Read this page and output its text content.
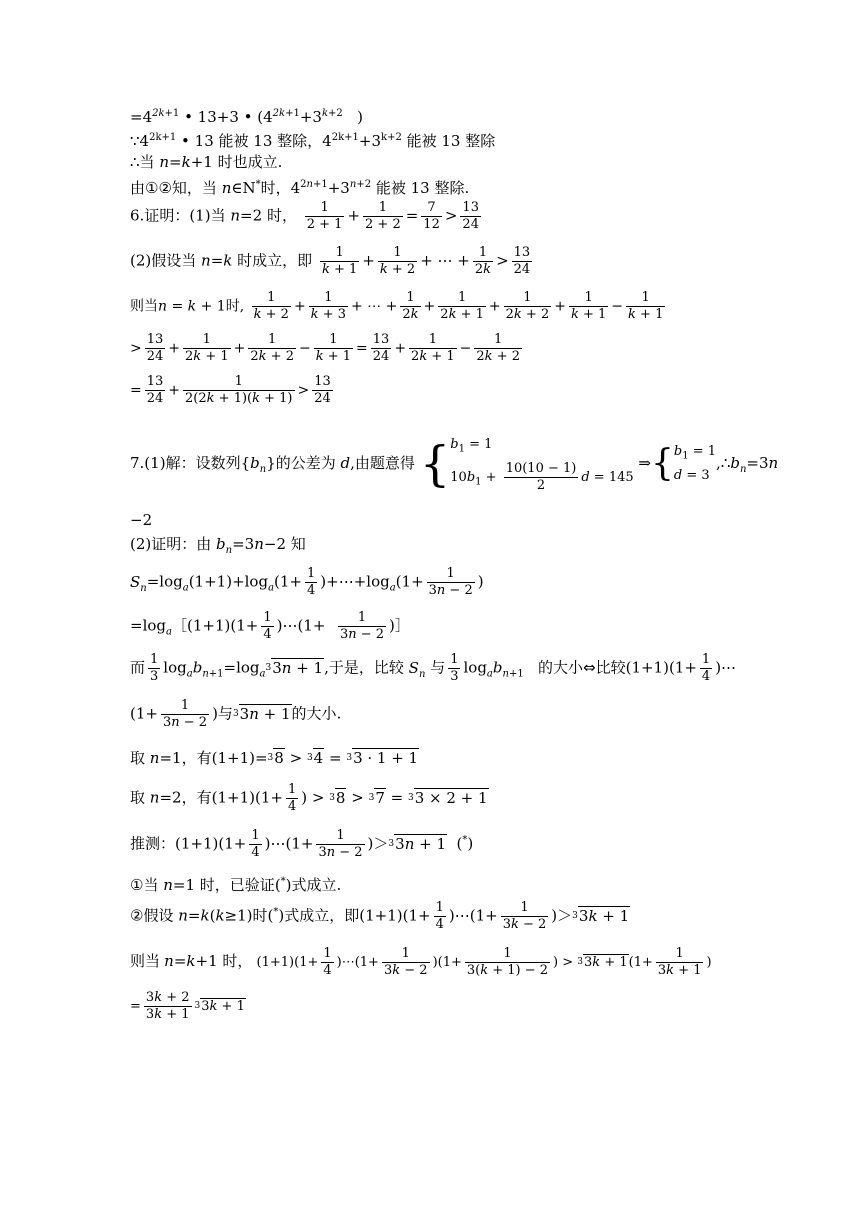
$=4^{2k+1}$ • 13+3 • ($4^{2k+1}+3^{k+2}$   )
$\because 4^{2k+1}$ • 13 能被 13 整除，$4^{2k+1}+3^{k+2}$ 能被 13 整除
∴当 n=k+1 时也成立.
由①②知，当 n∈N*时，$4^{2n+1}+3^{n+2}$ 能被 13 整除.
6.证明：(1)当 n=2 时， $\frac{1}{2 + 1} + \frac{1}{2 + 2} = \frac{7}{12} > \frac{13}{24}$
(2)假设当 n=k 时成立，即 $\frac{1}{k + 1} + \frac{1}{k + 2}$ + ⋯ + $\frac{1}{2k} > \frac{13}{24}$
则当n = k + 1时, $\frac{1}{k + 2} + \frac{1}{k + 3}$ + ⋯ + $\frac{1}{2k} + \frac{1}{2k + 1} + \frac{1}{2k + 2} + \frac{1}{k + 1} - \frac{1}{k + 1}$
> $\frac{13}{24} + \frac{1}{2k + 1} + \frac{1}{2k + 2} - \frac{1}{k + 1} = \frac{13}{24} + \frac{1}{2k + 1} - \frac{1}{2k + 2}$
= $\frac{13}{24} + \frac{1}{2(2k + 1)(k + 1)} > \frac{13}{24}$
7.(1)解：设数列$\{b_n\}$的公差为 d,由题意得 { $b_1 = 1$
$10b_1 + \frac{10(10 - 1)}{2}$ d = 145
⇒{ $b_1 = 1$
d = 3
$,\therefore b_n=3n$
−2
(2)证明：由 $b_n=3n-2$ 知
$S_n=\log_a(1+1)+\log_a(1+ \frac{1}{4}$ )$+\cdots+\log_a(1+ \frac{1}{3n - 2}$ )
$=\log_a[(1+1)(1+ \frac{1}{4}$ )⋯(1+ $\frac{1}{3n - 2}$ )］
而 $\frac{1}{3} \log_ab_{n+1}=\log_a^33n + 1$,于是，比较 $S_n$ 与 $\frac{1}{3} \log_ab_{n+1}$ 的大小⇔比较$(1+1)(1+ \frac{1}{4}$ )⋯
($1+ \frac{1}{3n - 2}$ )与$^3$3n + 1的大小.
取 n=1，有(1+1)=$^3$8 > $^3$4 = $^3$3 · 1 + 1
取 n=2，有$(1+1)(1+ \frac{1}{4}$ ) > $^3$8 > $^3$7 = $^3$3 × 2 + 1
推测：$(1+1)(1+ \frac{1}{4}$ )⋯(1+ $\frac{1}{3n - 2} )>^33n + 1$  (*)
①当 n=1 时，已验证(*)式成立.
②假设 n=k(k≥1)时(*)式成立，即$(1+1)(1+ \frac{1}{4}$ )⋯(1+ $\frac{1}{3k - 2} )>^33k + 1$
则当 n=k+1 时， $(1+1)(1+ \frac{1}{4}$ )⋯(1+ $\frac{1}{3k - 2} )(1+ \frac{1}{3(k + 1) - 2}$ ) > $^33k + 1(1+ \frac{1}{3k + 1}$ )
= $\frac{3k + 2}{3k + 1} ^33k + 1$
